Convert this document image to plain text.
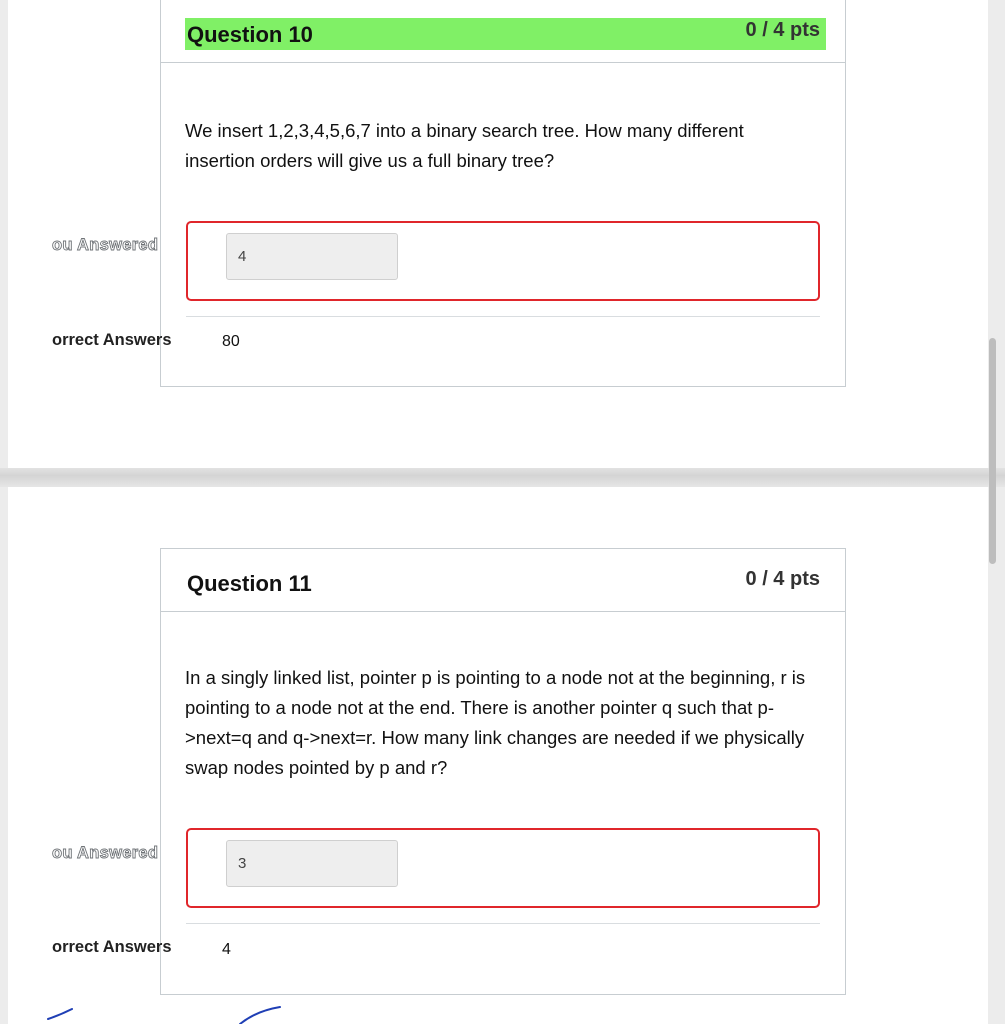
Question 10	0 / 4 pts
We insert 1,2,3,4,5,6,7 into a binary search tree. How many different insertion orders will give us a full binary tree?
ou Answered
4
orrect Answers	80
Question 11	0 / 4 pts
In a singly linked list, pointer p is pointing to a node not at the beginning, r is pointing to a node not at the end. There is another pointer q such that p->next=q and q->next=r. How many link changes are needed if we physically swap nodes pointed by p and r?
ou Answered
3
orrect Answers	4
